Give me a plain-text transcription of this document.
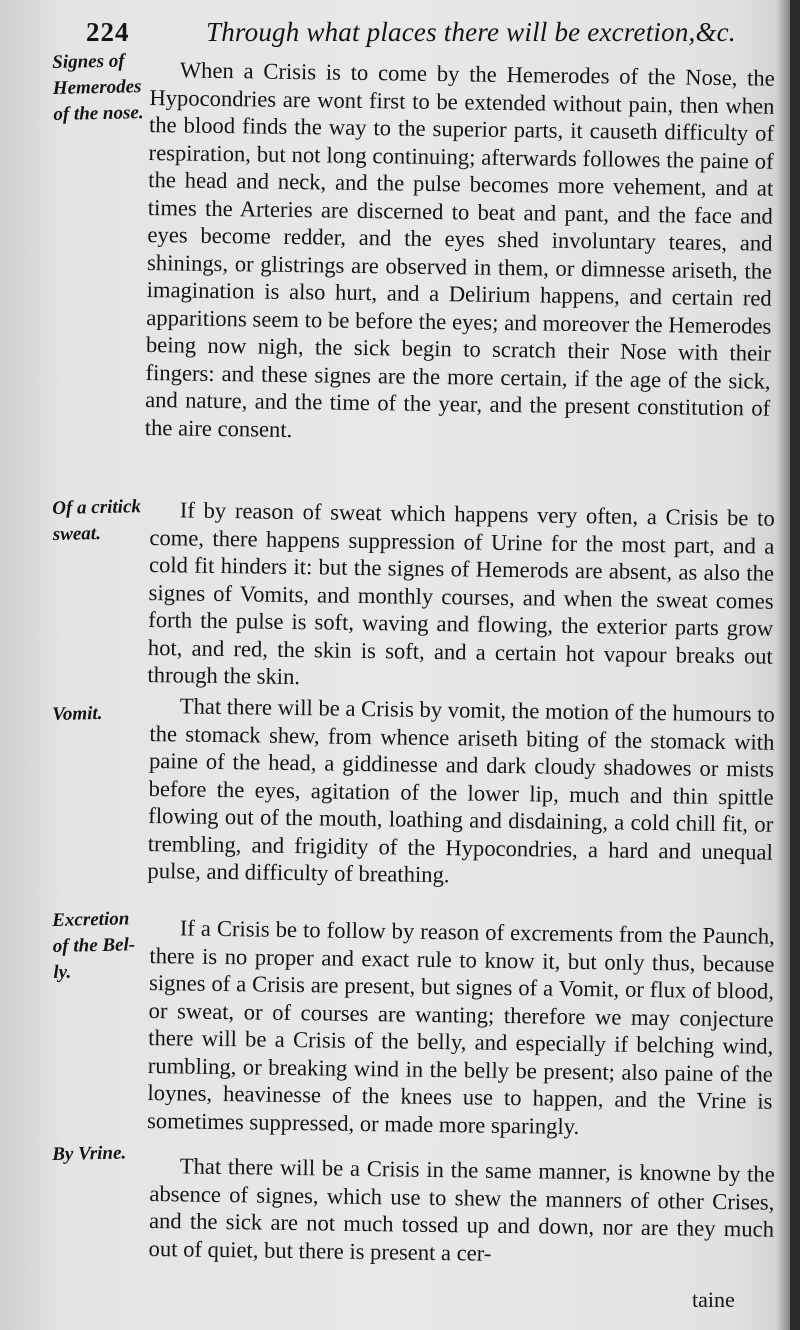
224	Through what places there will be excretion,&c.
Signes of
Hemerodes
of the nose.
Of a critick
sweat.
Vomit.
Excretion
of the Bel-
ly.
By Vrine.

When a Crisis is to come by the Hemerodes of the Nose, the Hypocondries are wont first to be extended without pain, then when the blood finds the way to the superior parts, it causeth difficulty of respiration, but not long continuing; afterwards followes the paine of the head and neck, and the pulse becomes more vehement, and at times the Arteries are discerned to beat and pant, and the face and eyes become redder, and the eyes shed involuntary teares, and shinings, or glistrings are observed in them, or dimnesse ariseth, the imagination is also hurt, and a Delirium happens, and certain red apparitions seem to be before the eyes; and moreover the Hemerodes being now nigh, the sick begin to scratch their Nose with their fingers: and these signes are the more certain, if the age of the sick, and nature, and the time of the year, and the present constitution of the aire consent.

If by reason of sweat which happens very often, a Crisis be to come, there happens suppression of Urine for the most part, and a cold fit hinders it: but the signes of Hemerods are absent, as also the signes of Vomits, and monthly courses, and when the sweat comes forth the pulse is soft, waving and flowing, the exterior parts grow hot, and red, the skin is soft, and a certain hot vapour breaks out through the skin.

That there will be a Crisis by vomit, the motion of the humours to the stomack shew, from whence ariseth biting of the stomack with paine of the head, a giddinesse and dark cloudy shadowes or mists before the eyes, agitation of the lower lip, much and thin spittle flowing out of the mouth, loathing and disdaining, a cold chill fit, or trembling, and frigidity of the Hypocondries, a hard and unequal pulse, and difficulty of breathing.

If a Crisis be to follow by reason of excrements from the Paunch, there is no proper and exact rule to know it, but only thus, because signes of a Crisis are present, but signes of a Vomit, or flux of blood, or sweat, or of courses are wanting; therefore we may conjecture there will be a Crisis of the belly, and especially if belching wind, rumbling, or breaking wind in the belly be present; also paine of the loynes, heavinesse of the knees use to happen, and the Vrine is sometimes suppressed, or made more sparingly.

That there will be a Crisis in the same manner, is knowne by the absence of signes, which use to shew the manners of other Crises, and the sick are not much tossed up and down, nor are they much out of quiet, but there is present a cer-

taine
